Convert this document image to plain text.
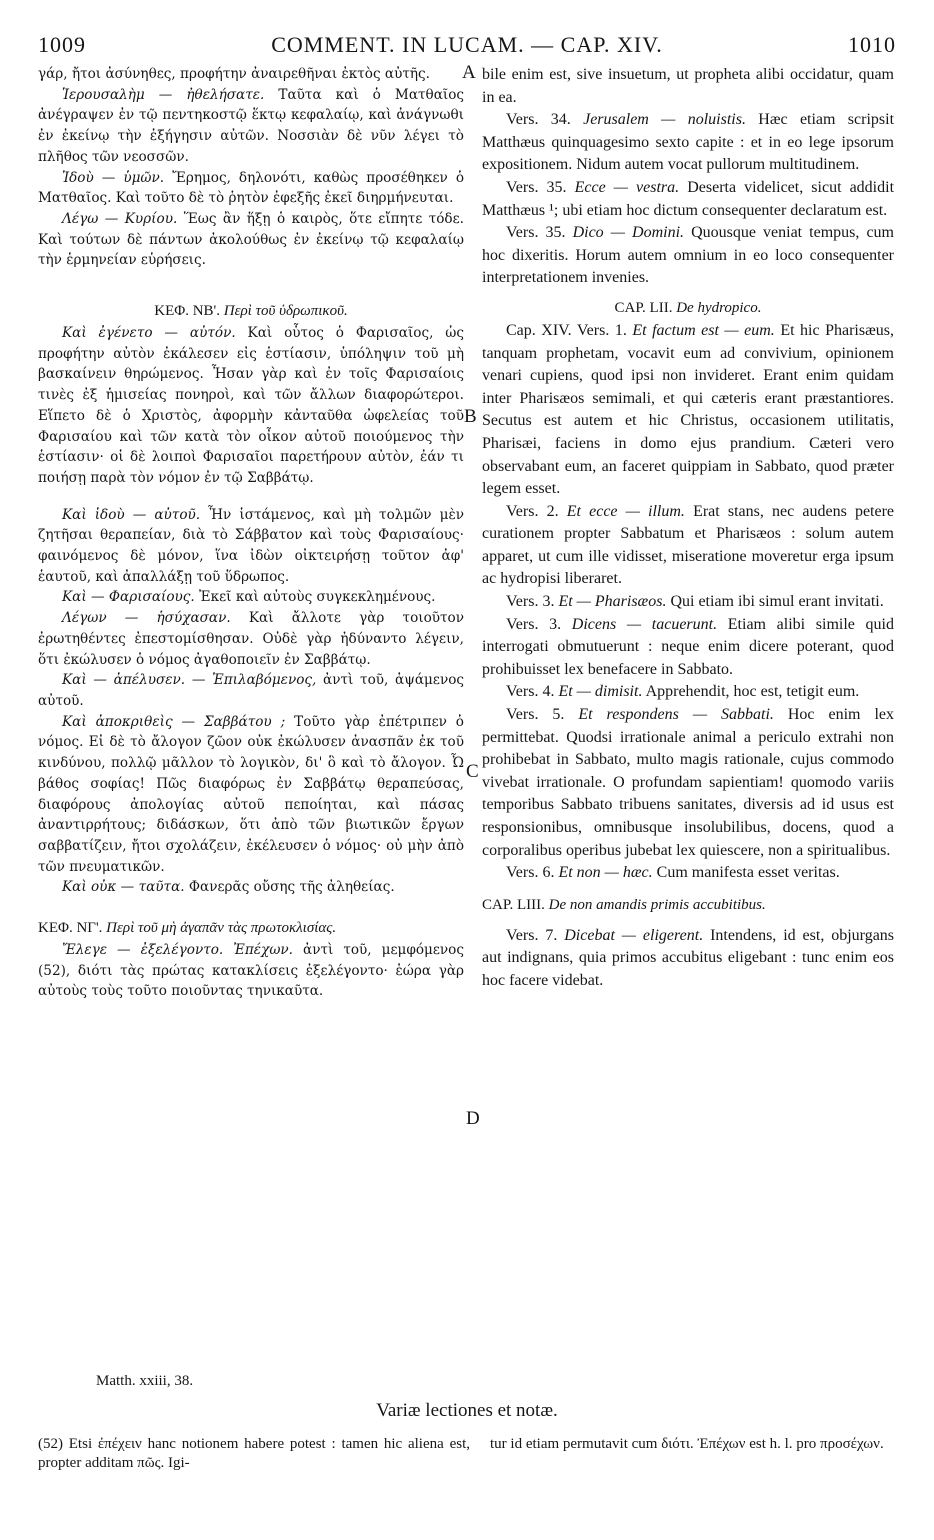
1009	COMMENT. IN LUCAM. — CAP. XIV.	1010

γάρ, ἤτοι ἀσύνηθες, προφήτην ἀναιρεθῆναι ἐκτὸς αὐτῆς.

Ἱερουσαλὴμ — ἠθελήσατε. Ταῦτα καὶ ὁ Ματθαῖος ἀνέγραψεν ἐν τῷ πεντηκοστῷ ἕκτῳ κεφαλαίῳ, καὶ ἀνάγνωθι ἐν ἐκείνῳ τὴν ἐξήγησιν αὐτῶν. Νοσσιὰν δὲ νῦν λέγει τὸ πλῆθος τῶν νεοσσῶν.

Ἰδοὺ — ὑμῶν. Ἔρημος, δηλονότι, καθὼς προσέθηκεν ὁ Ματθαῖος. Καὶ τοῦτο δὲ τὸ ῥητὸν ἐφεξῆς ἐκεῖ διηρμήνευται.

Λέγω — Κυρίου. Ἕως ἂν ἥξῃ ὁ καιρὸς, ὅτε εἴπητε τόδε. Καὶ τούτων δὲ πάντων ἀκολούθως ἐν ἐκείνῳ τῷ κεφαλαίῳ τὴν ἑρμηνείαν εὑρήσεις.

ΚΕΦ. ΝΒ'. Περὶ τοῦ ὑδρωπικοῦ.

Καὶ ἐγένετο — αὐτόν. Καὶ οὗτος ὁ Φαρισαῖος, ὡς προφήτην αὐτὸν ἐκάλεσεν εἰς ἑστίασιν, ὑπόληψιν τοῦ μὴ βασκαίνειν θηρώμενος. Ἦσαν γὰρ καὶ ἐν τοῖς Φαρισαίοις τινὲς ἐξ ἡμισείας πονηροὶ, καὶ τῶν ἄλλων διαφορώτεροι. Εἵπετο δὲ ὁ Χριστὸς, ἀφορμὴν κἀνταῦθα ὠφελείας τοῦ Φαρισαίου καὶ τῶν κατὰ τὸν οἶκον αὐτοῦ ποιούμενος τὴν ἑστίασιν· οἱ δὲ λοιποὶ Φαρισαῖοι παρετήρουν αὐτὸν, ἐάν τι ποιήσῃ παρὰ τὸν νόμον ἐν τῷ Σαββάτῳ.

Καὶ ἰδοὺ — αὐτοῦ. Ἦν ἱστάμενος, καὶ μὴ τολμῶν μὲν ζητῆσαι θεραπείαν, διὰ τὸ Σάββατον καὶ τοὺς Φαρισαίους· φαινόμενος δὲ μόνον, ἵνα ἰδὼν οἰκτειρήσῃ τοῦτον ἀφ' ἑαυτοῦ, καὶ ἀπαλλάξῃ τοῦ ὕδρωπος.

Καὶ — Φαρισαίους. Ἐκεῖ καὶ αὐτοὺς συγκεκλημένους.

Λέγων — ἡσύχασαν. Καὶ ἄλλοτε γὰρ τοιοῦτον ἐρωτηθέντες ἐπεστομίσθησαν. Οὐδὲ γὰρ ἠδύναντο λέγειν, ὅτι ἐκώλυσεν ὁ νόμος ἀγαθοποιεῖν ἐν Σαββάτῳ.

Καὶ — ἀπέλυσεν. — Ἐπιλαβόμενος, ἀντὶ τοῦ, ἁψάμενος αὐτοῦ.

Καὶ ἀποκριθεὶς — Σαββάτου ; Τοῦτο γὰρ ἐπέτριπεν ὁ νόμος. Εἰ δὲ τὸ ἄλογον ζῶον οὐκ ἐκώλυσεν ἀνασπᾶν ἐκ τοῦ κινδύνου, πολλῷ μᾶλλον τὸ λογικὸν, δι' ὃ καὶ τὸ ἄλογον. Ὦ βάθος σοφίας! Πῶς διαφόρως ἐν Σαββάτῳ θεραπεύσας, διαφόρους ἀπολογίας αὐτοῦ πεποίηται, καὶ πάσας ἀναντιρρήτους; διδάσκων, ὅτι ἀπὸ τῶν βιωτικῶν ἔργων σαββατίζειν, ἤτοι σχολάζειν, ἐκέλευσεν ὁ νόμος· οὐ μὴν ἀπὸ τῶν πνευματικῶν.

Καὶ οὐκ — ταῦτα. Φανερᾶς οὔσης τῆς ἀληθείας.

ΚΕΦ. ΝΓ'. Περὶ τοῦ μὴ ἀγαπᾶν τὰς πρωτοκλισίας.

Ἔλεγε — ἐξελέγοντο. Ἐπέχων. ἀντὶ τοῦ, μεμφόμενος (52), διότι τὰς πρώτας κατακλίσεις ἐξελέγοντο· ἑώρα γὰρ αὐτοὺς τοὺς τοῦτο ποιοῦντας τηνικαῦτα.

bile enim est, sive insuetum, ut propheta alibi occidatur, quam in ea.

Vers. 34. Jerusalem — noluistis. Hæc etiam scripsit Matthæus quinquagesimo sexto capite : et in eo lege ipsorum expositionem. Nidum autem vocat pullorum multitudinem.

Vers. 35. Ecce — vestra. Deserta videlicet, sicut addidit Matthæus ¹; ubi etiam hoc dictum consequenter declaratum est.

Vers. 35. Dico — Domini. Quousque veniat tempus, cum hoc dixeritis. Horum autem omnium in eo loco consequenter interpretationem invenies.

CAP. LII. De hydropico.

Cap. XIV. Vers. 1. Et factum est — eum. Et hic Pharisæus, tanquam prophetam, vocavit eum ad convivium, opinionem venari cupiens, quod ipsi non invideret. Erant enim quidam inter Pharisæos semimali, et qui cæteris erant præstantiores. Secutus est autem et hic Christus, occasionem utilitatis, Pharisæi, faciens in domo ejus prandium. Cæteri vero observabant eum, an faceret quippiam in Sabbato, quod præter legem esset.

Vers. 2. Et ecce — illum. Erat stans, nec audens petere curationem propter Sabbatum et Pharisæos : solum autem apparet, ut cum ille vidisset, miseratione moveretur erga ipsum ac hydropisi liberaret.

Vers. 3. Et — Pharisæos. Qui etiam ibi simul erant invitati.

Vers. 3. Dicens — tacuerunt. Etiam alibi simile quid interrogati obmutuerunt : neque enim dicere poterant, quod prohibuisset lex benefacere in Sabbato.

Vers. 4. Et — dimisit. Apprehendit, hoc est, tetigit eum.

Vers. 5. Et respondens — Sabbati. Hoc enim lex permittebat. Quodsi irrationale animal a periculo extrahi non prohibebat in Sabbato, multo magis rationale, cujus commodo vivebat irrationale. O profundam sapientiam! quomodo variis temporibus Sabbato tribuens sanitates, diversis ad id usus est responsionibus, omnibusque insolubilibus, docens, quod a corporalibus operibus jubebat lex quiescere, non a spiritualibus.

Vers. 6. Et non — hæc. Cum manifesta esset veritas.

CAP. LIII. De non amandis primis accubitibus.

Vers. 7. Dicebat — eligerent. Intendens, id est, objurgans aut indignans, quia primos accubitus eligebant : tunc enim eos hoc facere videbat.

A
B
C
D
Matth. xxiii, 38.
Variæ lectiones et notæ.
(52) Etsi ἐπέχειν hanc notionem habere potest : tamen hic aliena est, propter additam πῶς. Igi-
tur id etiam permutavit cum διότι. Ἐπέχων est h. l. pro προσέχων.
